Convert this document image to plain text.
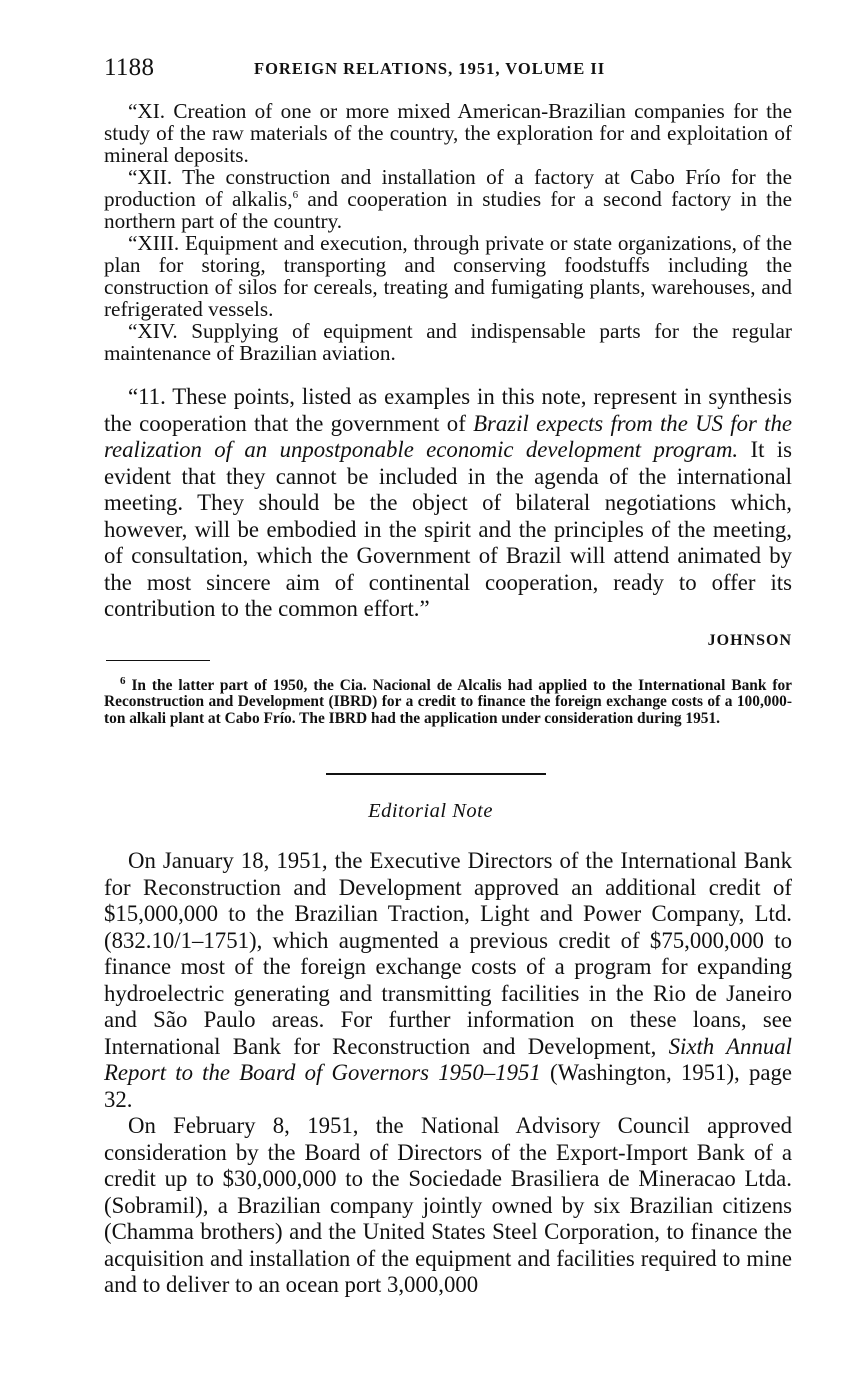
1188	FOREIGN RELATIONS, 1951, VOLUME II

“XI. Creation of one or more mixed American-Brazilian companies for the study of the raw materials of the country, the exploration for and exploitation of mineral deposits.

“XII. The construction and installation of a factory at Cabo Frío for the production of alkalis,$^6$ and cooperation in studies for a second factory in the northern part of the country.

“XIII. Equipment and execution, through private or state organizations, of the plan for storing, transporting and conserving foodstuffs including the construction of silos for cereals, treating and fumigating plants, warehouses, and refrigerated vessels.

“XIV. Supplying of equipment and indispensable parts for the regular maintenance of Brazilian aviation.

“11. These points, listed as examples in this note, represent in synthesis the cooperation that the government of Brazil expects from the US for the realization of an unpostponable economic development program. It is evident that they cannot be included in the agenda of the international meeting. They should be the object of bilateral negotiations which, however, will be embodied in the spirit and the principles of the meeting, of consultation, which the Government of Brazil will attend animated by the most sincere aim of continental cooperation, ready to offer its contribution to the common effort.”

JOHNSON

$^6$ In the latter part of 1950, the Cia. Nacional de Alcalis had applied to the International Bank for Reconstruction and Development (IBRD) for a credit to finance the foreign exchange costs of a 100,000-ton alkali plant at Cabo Frío. The IBRD had the application under consideration during 1951.

Editorial Note

On January 18, 1951, the Executive Directors of the International Bank for Reconstruction and Development approved an additional credit of $15,000,000 to the Brazilian Traction, Light and Power Company, Ltd. (832.10/1–1751), which augmented a previous credit of $75,000,000 to finance most of the foreign exchange costs of a program for expanding hydroelectric generating and transmitting facilities in the Rio de Janeiro and São Paulo areas. For further information on these loans, see International Bank for Reconstruction and Development, Sixth Annual Report to the Board of Governors 1950–1951 (Washington, 1951), page 32.

On February 8, 1951, the National Advisory Council approved consideration by the Board of Directors of the Export-Import Bank of a credit up to $30,000,000 to the Sociedade Brasiliera de Mineracao Ltda. (Sobramil), a Brazilian company jointly owned by six Brazilian citizens (Chamma brothers) and the United States Steel Corporation, to finance the acquisition and installation of the equipment and facilities required to mine and to deliver to an ocean port 3,000,000
